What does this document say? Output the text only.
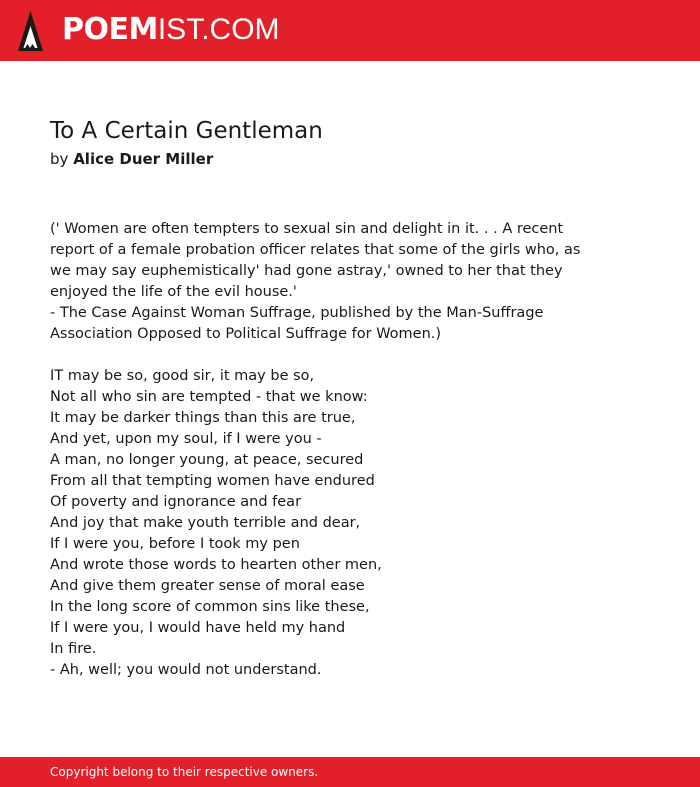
POEMIST.COM
To A Certain Gentleman
by Alice Duer Miller
(' Women are often tempters to sexual sin and delight in it. . . A recent
report of a female probation officer relates that some of the girls who, as
we may say euphemistically' had gone astray,' owned to her that they
enjoyed the life of the evil house.'
- The Case Against Woman Suffrage, published by the Man-Suffrage
Association Opposed to Political Suffrage for Women.)
IT may be so, good sir, it may be so,
Not all who sin are tempted - that we know:
It may be darker things than this are true,
And yet, upon my soul, if I were you -
A man, no longer young, at peace, secured
From all that tempting women have endured
Of poverty and ignorance and fear
And joy that make youth terrible and dear,
If I were you, before I took my pen
And wrote those words to hearten other men,
And give them greater sense of moral ease
In the long score of common sins like these,
If I were you, I would have held my hand
In fire.
- Ah, well; you would not understand.
Copyright belong to their respective owners.
